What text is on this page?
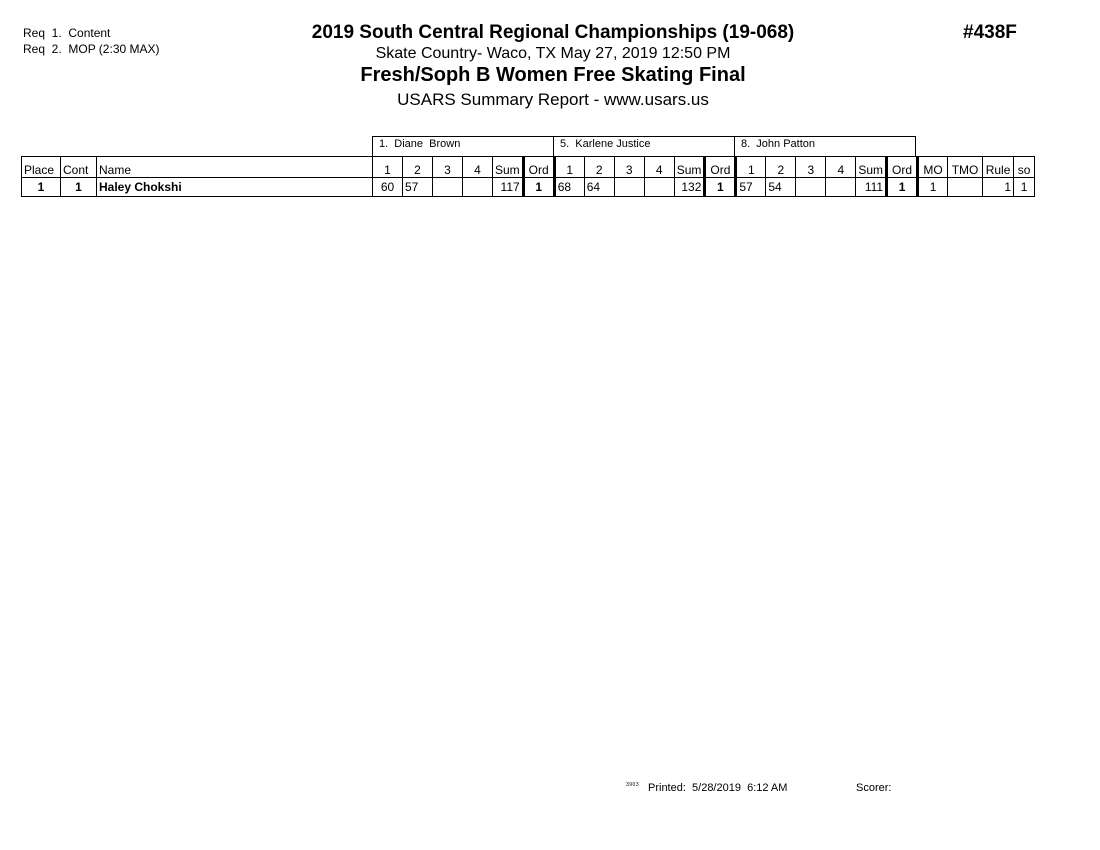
Req  1.  Content
Req  2.  MOP (2:30 MAX)
2019 South Central Regional Championships (19-068)
Skate Country- Waco, TX May 27, 2019 12:50 PM
Fresh/Soph B Women Free Skating Final
USARS Summary Report - www.usars.us
#438F
1.  Diane  Brown	5.  Karlene Justice	8.  John Patton
Place	Cont	Name	1	2	3	4	Sum	Ord	1	2	3	4	Sum	Ord	1	2	3	4	Sum	Ord	MO	TMO	Rule	so
1	1	Haley Chokshi	60	57			117	1	68	64			132	1	57	54			111	1	1		1	1
3903 Printed:  5/28/2019  6:12 AM	Scorer:
